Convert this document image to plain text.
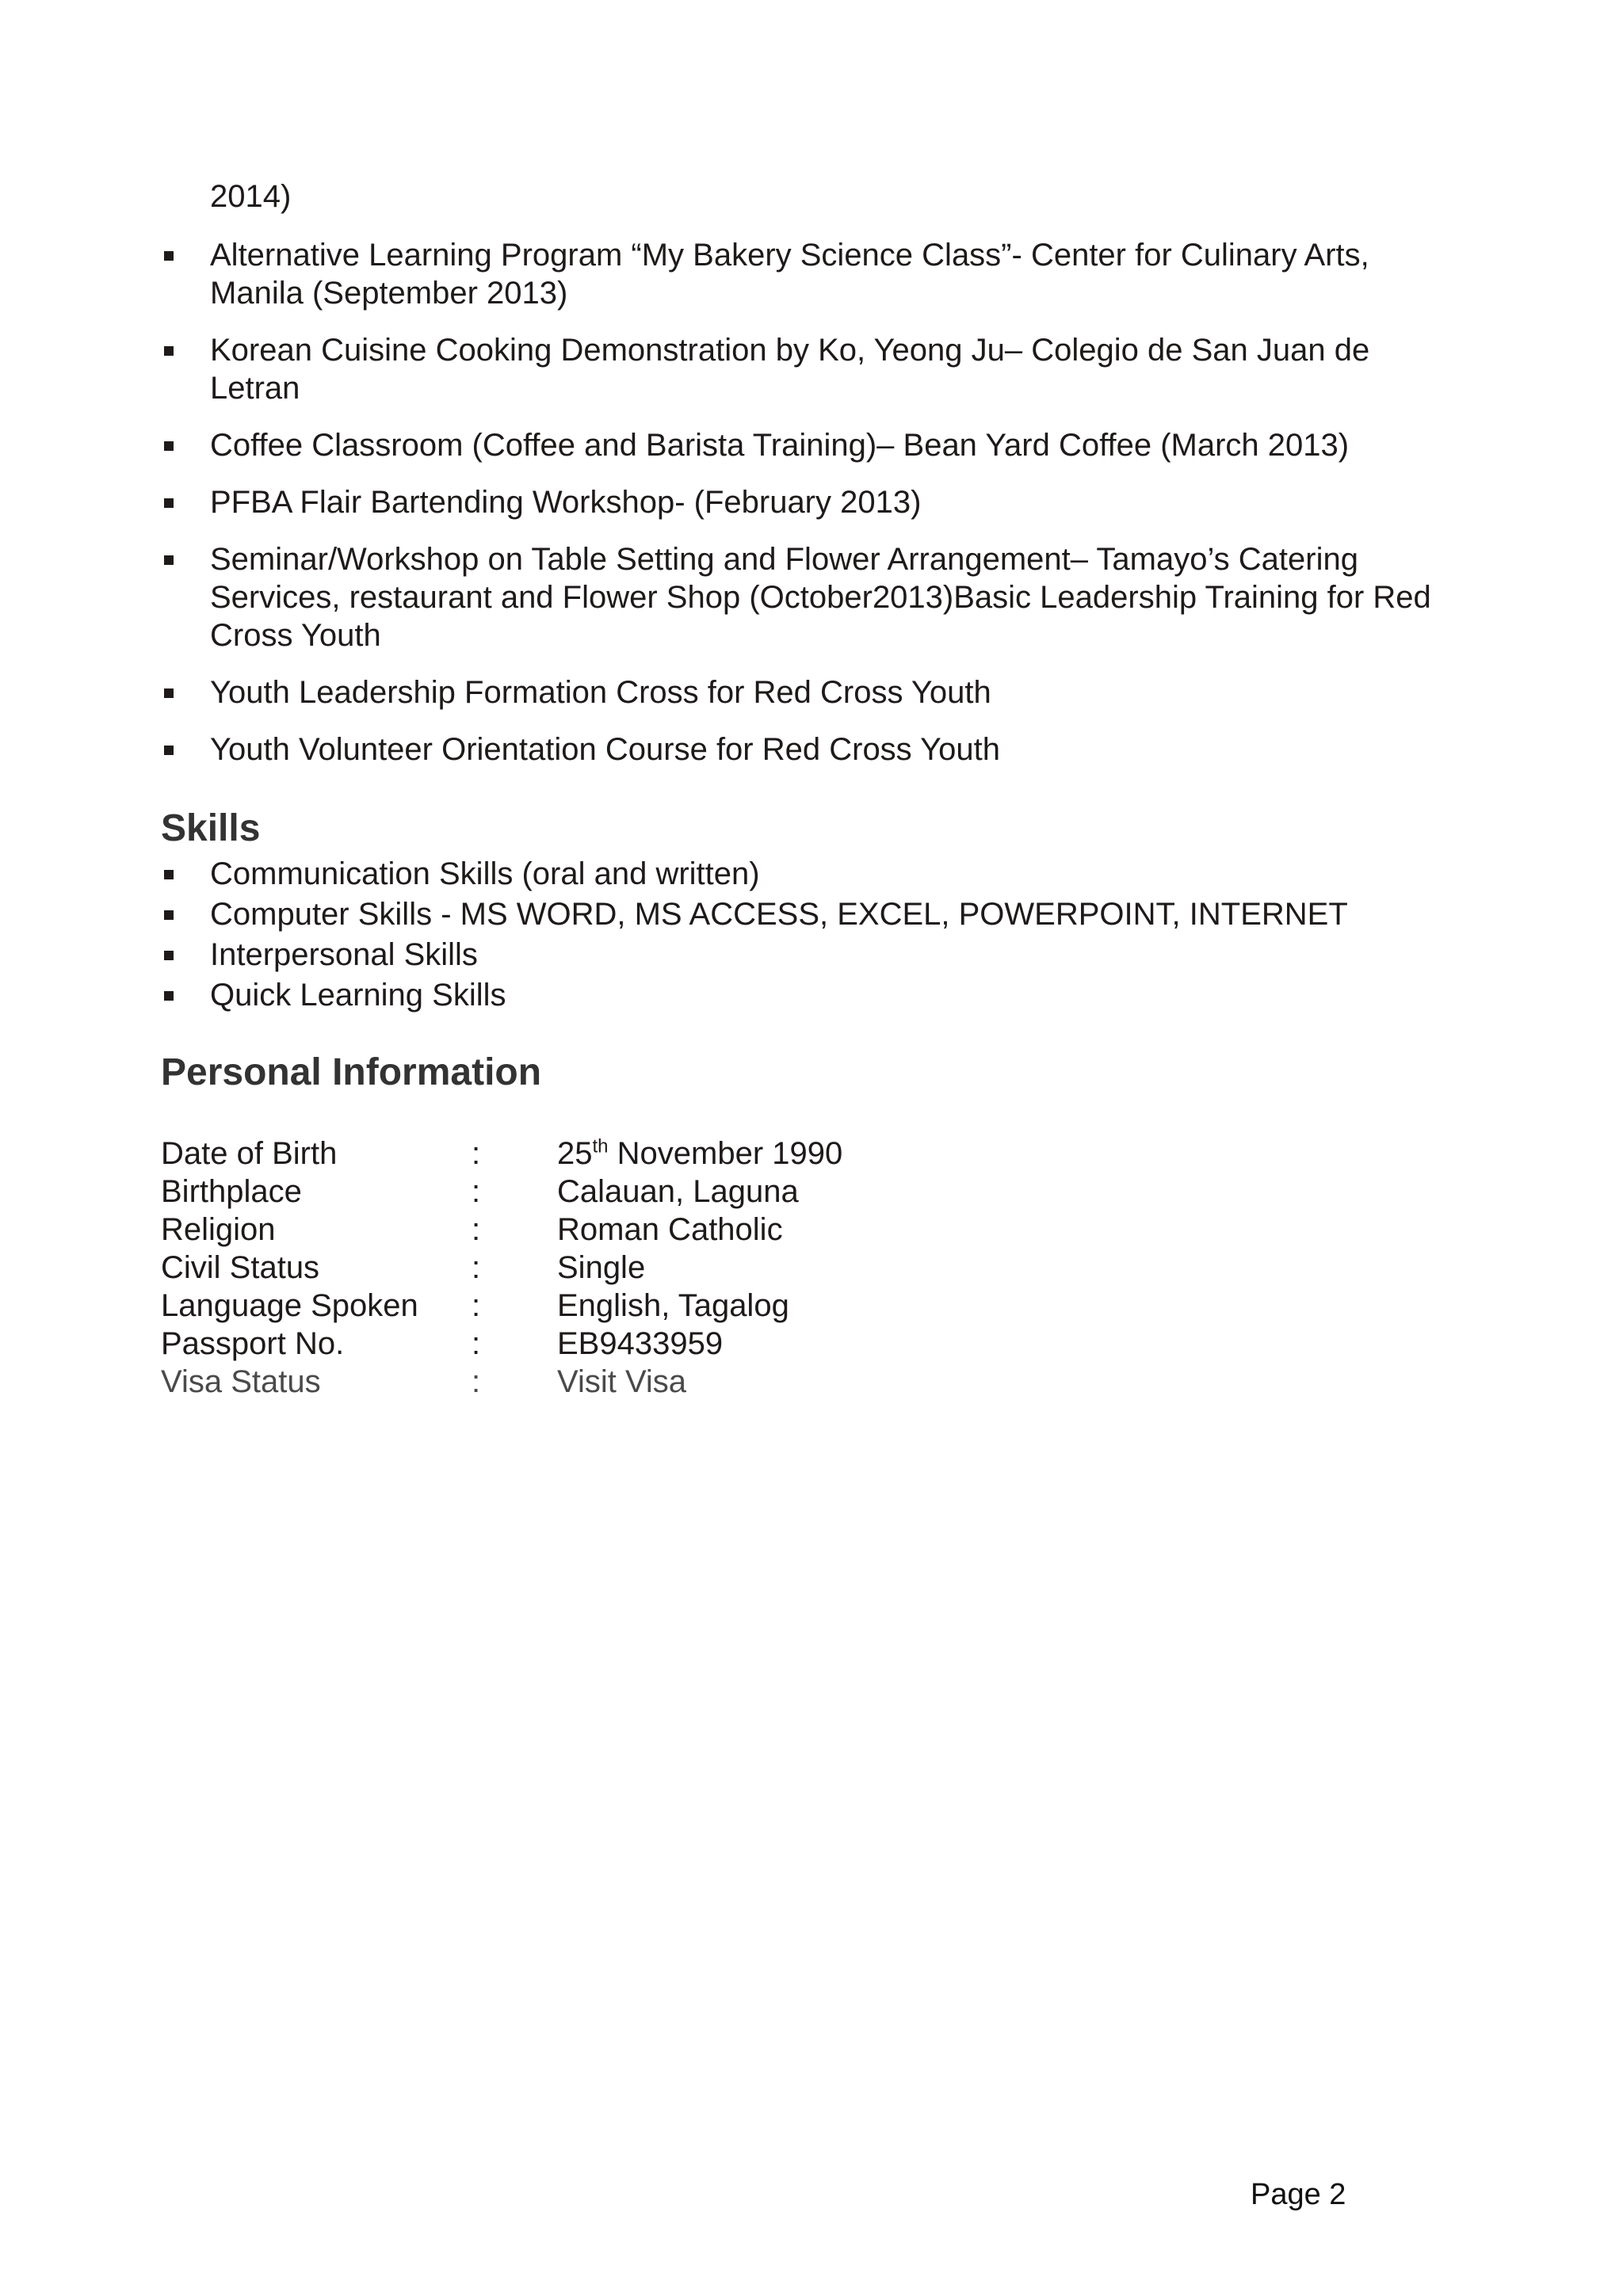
2014)

Alternative Learning Program “My Bakery Science Class”- Center for Culinary Arts, Manila (September 2013)
Korean Cuisine Cooking Demonstration by Ko, Yeong Ju– Colegio de San Juan de Letran
Coffee Classroom (Coffee and Barista Training)– Bean Yard Coffee (March 2013)
PFBA Flair Bartending Workshop- (February 2013)
Seminar/Workshop on Table Setting and Flower Arrangement– Tamayo’s Catering Services, restaurant and Flower Shop (October2013)Basic Leadership Training for Red Cross Youth
Youth Leadership Formation Cross for Red Cross Youth
Youth Volunteer Orientation Course for Red Cross Youth
Skills
Communication Skills (oral and written)
Computer Skills - MS WORD, MS ACCESS, EXCEL, POWERPOINT, INTERNET
Interpersonal Skills
Quick Learning Skills
Personal Information
Date of Birth	: 25th November 1990
Birthplace	: Calauan, Laguna
Religion	: Roman Catholic
Civil Status	: Single
Language Spoken : English, Tagalog
Passport No.	: EB9433959
Visa Status	: Visit Visa
Page 2
